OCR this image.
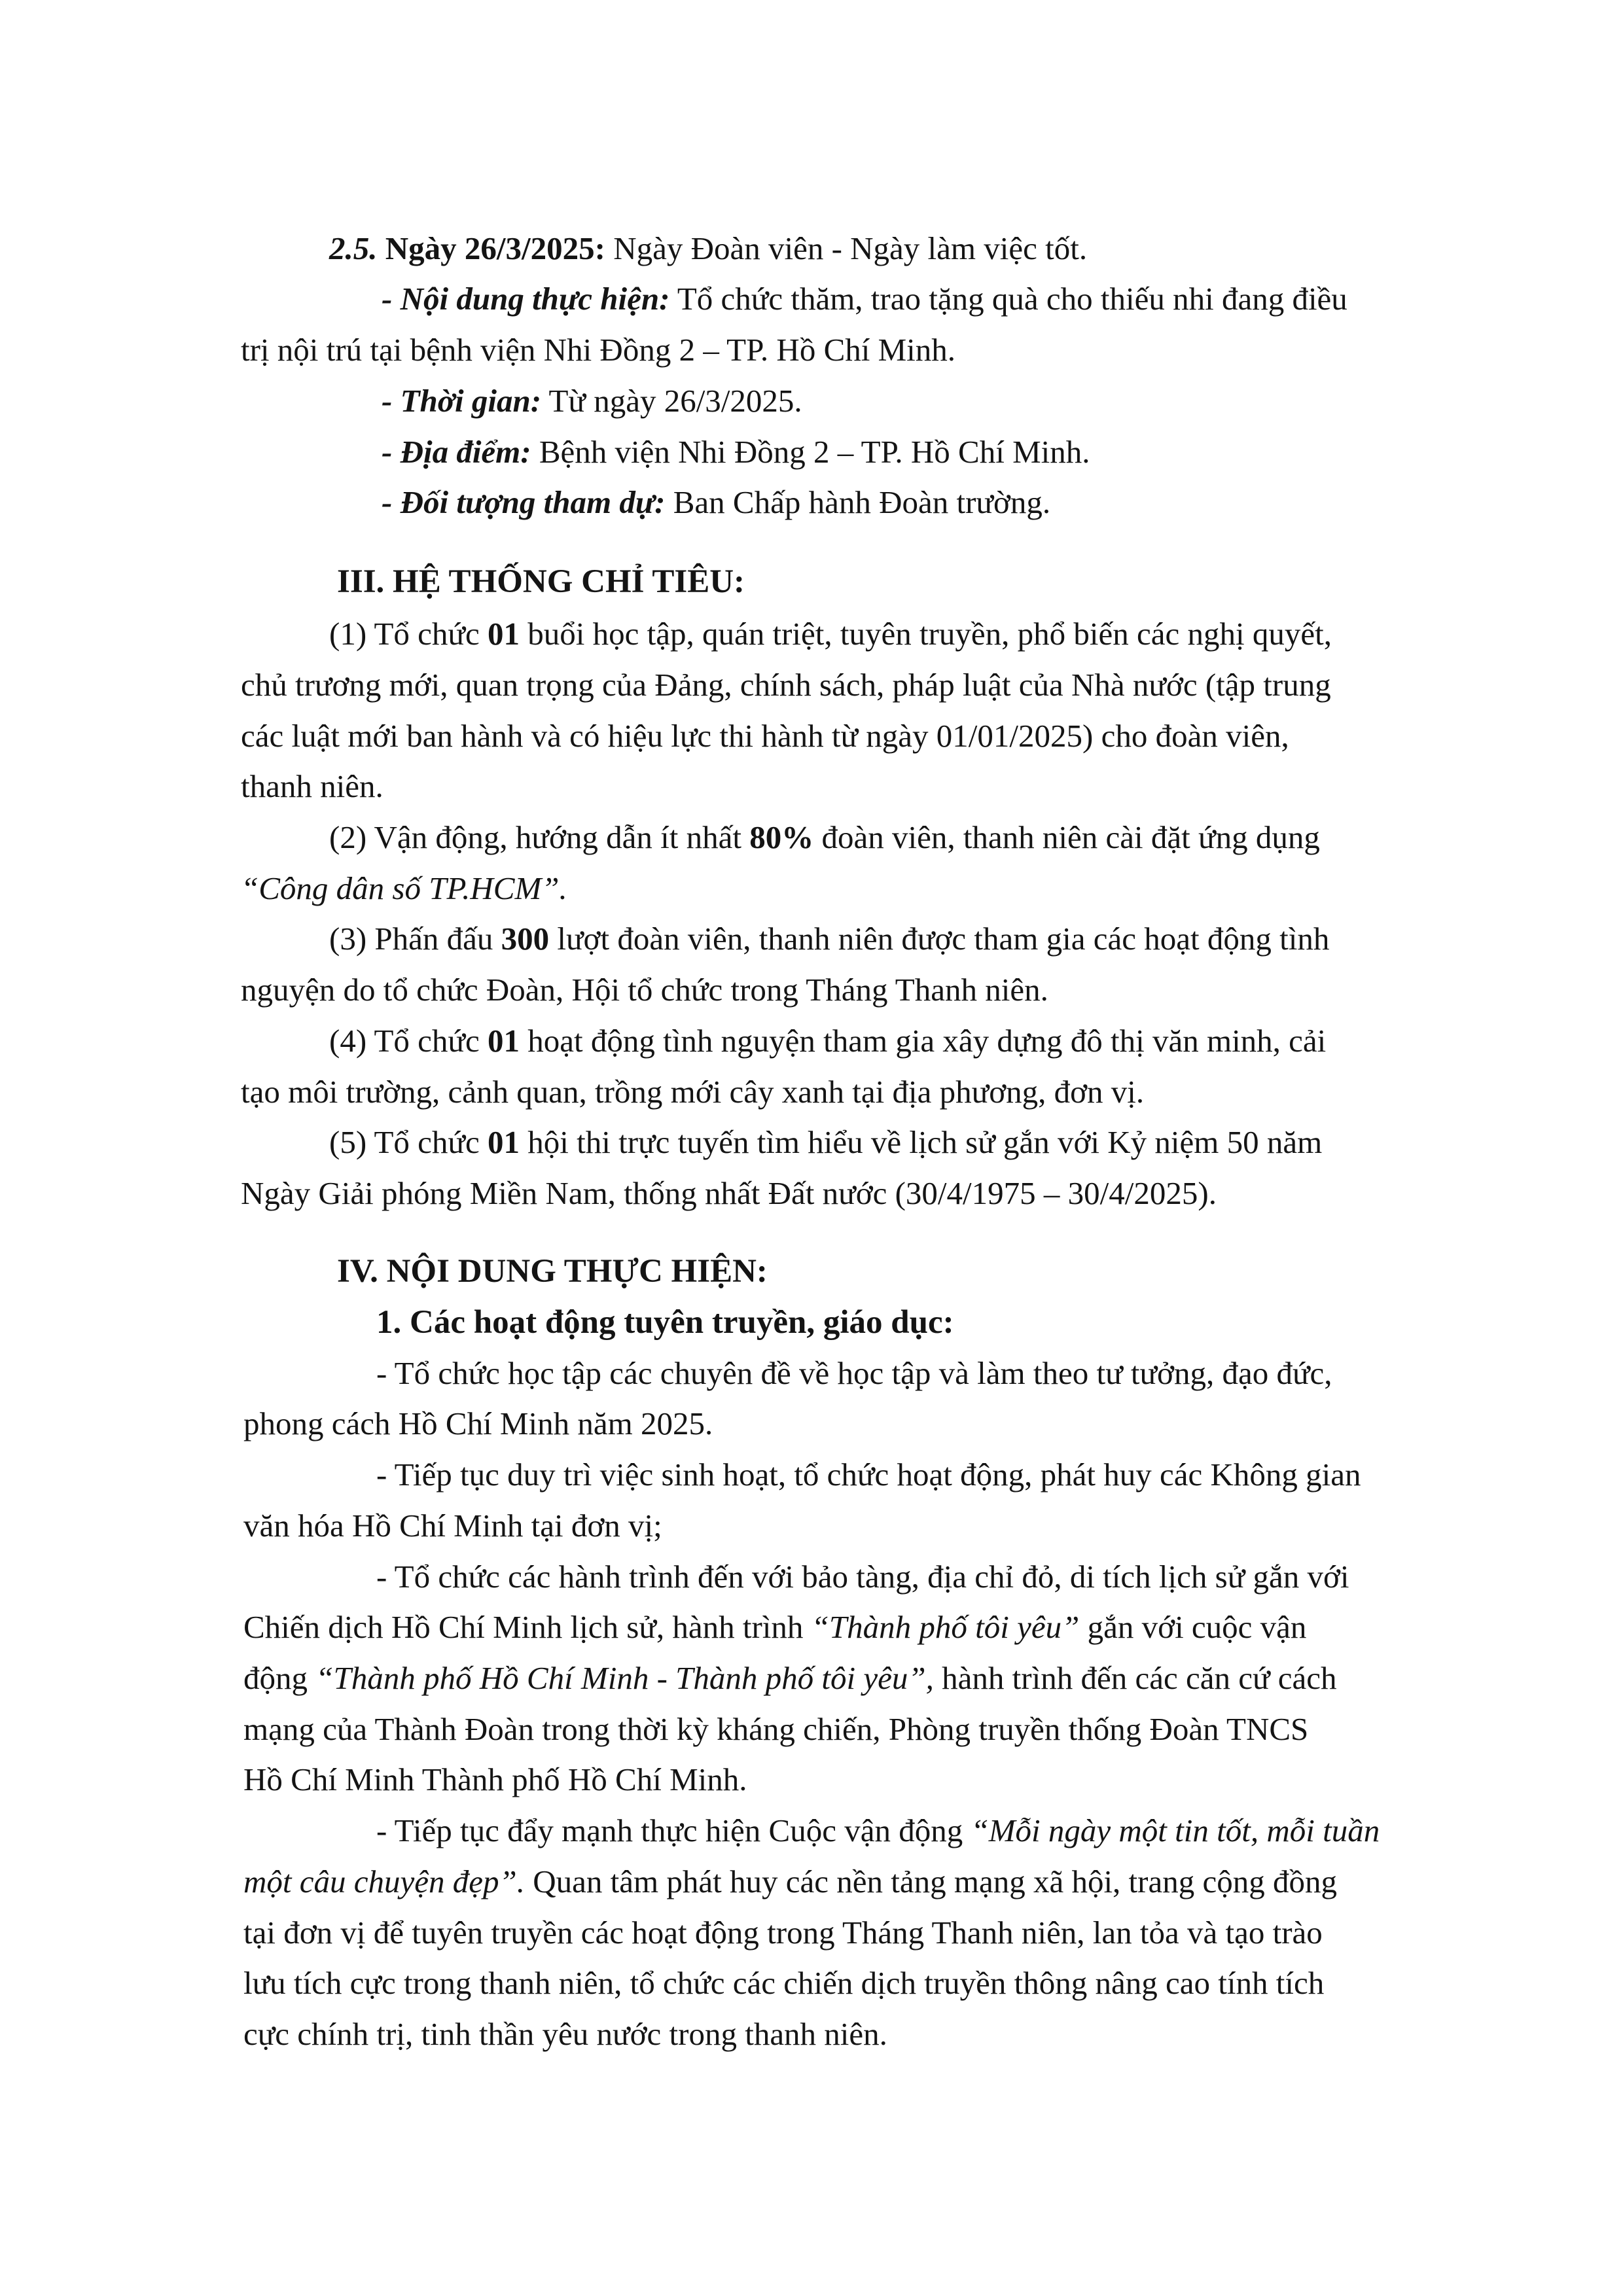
2.5. Ngày 26/3/2025: Ngày Đoàn viên - Ngày làm việc tốt.

- Nội dung thực hiện: Tổ chức thăm, trao tặng quà cho thiếu nhi đang điều

trị nội trú tại bệnh viện Nhi Đồng 2 – TP. Hồ Chí Minh.

- Thời gian: Từ ngày 26/3/2025.

- Địa điểm: Bệnh viện Nhi Đồng 2 – TP. Hồ Chí Minh.

- Đối tượng tham dự: Ban Chấp hành Đoàn trường.

III. HỆ THỐNG CHỈ TIÊU:

(1) Tổ chức 01 buổi học tập, quán triệt, tuyên truyền, phổ biến các nghị quyết,

chủ trương mới, quan trọng của Đảng, chính sách, pháp luật của Nhà nước (tập trung

các luật mới ban hành và có hiệu lực thi hành từ ngày 01/01/2025) cho đoàn viên,

thanh niên.

(2) Vận động, hướng dẫn ít nhất 80% đoàn viên, thanh niên cài đặt ứng dụng

“Công dân số TP.HCM”.

(3) Phấn đấu 300 lượt đoàn viên, thanh niên được tham gia các hoạt động tình

nguyện do tổ chức Đoàn, Hội tổ chức trong Tháng Thanh niên.

(4) Tổ chức 01 hoạt động tình nguyện tham gia xây dựng đô thị văn minh, cải

tạo môi trường, cảnh quan, trồng mới cây xanh tại địa phương, đơn vị.

(5) Tổ chức 01 hội thi trực tuyến tìm hiểu về lịch sử gắn với Kỷ niệm 50 năm

Ngày Giải phóng Miền Nam, thống nhất Đất nước (30/4/1975 – 30/4/2025).

IV. NỘI DUNG THỰC HIỆN:

1. Các hoạt động tuyên truyền, giáo dục:

- Tổ chức học tập các chuyên đề về học tập và làm theo tư tưởng, đạo đức,

phong cách Hồ Chí Minh năm 2025.

- Tiếp tục duy trì việc sinh hoạt, tổ chức hoạt động, phát huy các Không gian

văn hóa Hồ Chí Minh tại đơn vị;

- Tổ chức các hành trình đến với bảo tàng, địa chỉ đỏ, di tích lịch sử gắn với

Chiến dịch Hồ Chí Minh lịch sử, hành trình “Thành phố tôi yêu” gắn với cuộc vận

động “Thành phố Hồ Chí Minh - Thành phố tôi yêu”, hành trình đến các căn cứ cách

mạng của Thành Đoàn trong thời kỳ kháng chiến, Phòng truyền thống Đoàn TNCS

Hồ Chí Minh Thành phố Hồ Chí Minh.

- Tiếp tục đẩy mạnh thực hiện Cuộc vận động “Mỗi ngày một tin tốt, mỗi tuần

một câu chuyện đẹp”. Quan tâm phát huy các nền tảng mạng xã hội, trang cộng đồng

tại đơn vị để tuyên truyền các hoạt động trong Tháng Thanh niên, lan tỏa và tạo trào

lưu tích cực trong thanh niên, tổ chức các chiến dịch truyền thông nâng cao tính tích

cực chính trị, tinh thần yêu nước trong thanh niên.
